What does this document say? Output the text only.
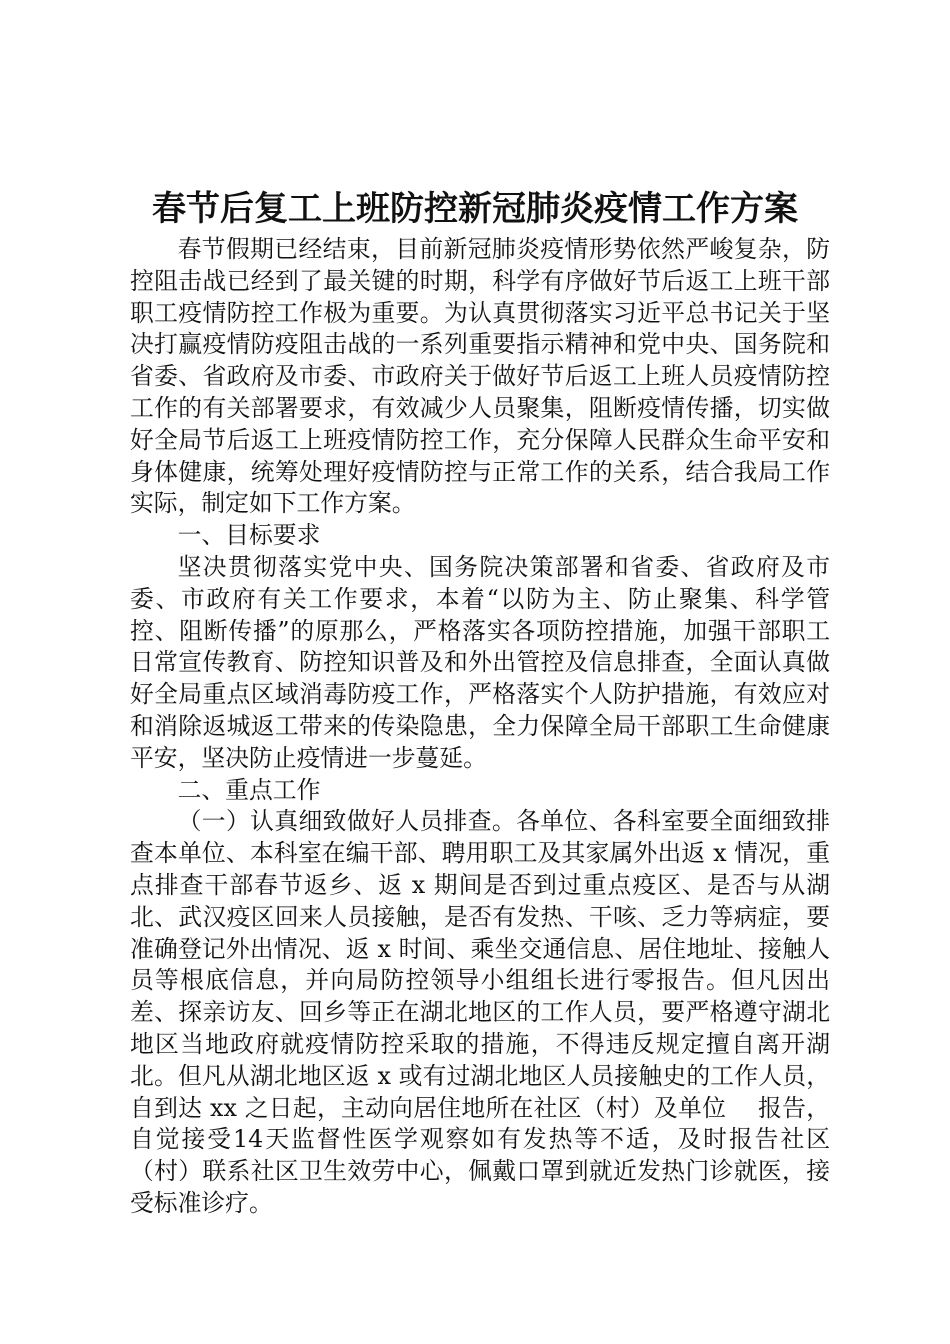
春节后复工上班防控新冠肺炎疫情工作方案

春节假期已经结束，目前新冠肺炎疫情形势依然严峻复杂，防控阻击战已经到了最关键的时期，科学有序做好节后返工上班干部职工疫情防控工作极为重要。为认真贯彻落实习近平总书记关于坚决打赢疫情防疫阻击战的一系列重要指示精神和党中央、国务院和省委、省政府及市委、市政府关于做好节后返工上班人员疫情防控工作的有关部署要求，有效减少人员聚集，阻断疫情传播，切实做好全局节后返工上班疫情防控工作，充分保障人民群众生命平安和身体健康，统筹处理好疫情防控与正常工作的关系，结合我局工作实际，制定如下工作方案。

一、目标要求

坚决贯彻落实党中央、国务院决策部署和省委、省政府及市委、市政府有关工作要求，本着“以防为主、防止聚集、科学管控、阻断传播”的原那么，严格落实各项防控措施，加强干部职工日常宣传教育、防控知识普及和外出管控及信息排查，全面认真做好全局重点区域消毒防疫工作，严格落实个人防护措施，有效应对和消除返城返工带来的传染隐患，全力保障全局干部职工生命健康平安，坚决防止疫情进一步蔓延。

二、重点工作

（一）认真细致做好人员排查。各单位、各科室要全面细致排查本单位、本科室在编干部、聘用职工及其家属外出返 x 情况，重点排查干部春节返乡、返 x 期间是否到过重点疫区、是否与从湖北、武汉疫区回来人员接触，是否有发热、干咳、乏力等病症，要准确登记外出情况、返 x 时间、乘坐交通信息、居住地址、接触人员等根底信息，并向局防控领导小组组长进行零报告。但凡因出差、探亲访友、回乡等正在湖北地区的工作人员，要严格遵守湖北地区当地政府就疫情防控采取的措施，不得违反规定擅自离开湖北。但凡从湖北地区返 x 或有过湖北地区人员接触史的工作人员，自到达 xx 之日起，主动向居住地所在社区（村）及单位　 报告，自觉接受14天监督性医学观察如有发热等不适，及时报告社区（村）联系社区卫生效劳中心，佩戴口罩到就近发热门诊就医，接受标准诊疗。
